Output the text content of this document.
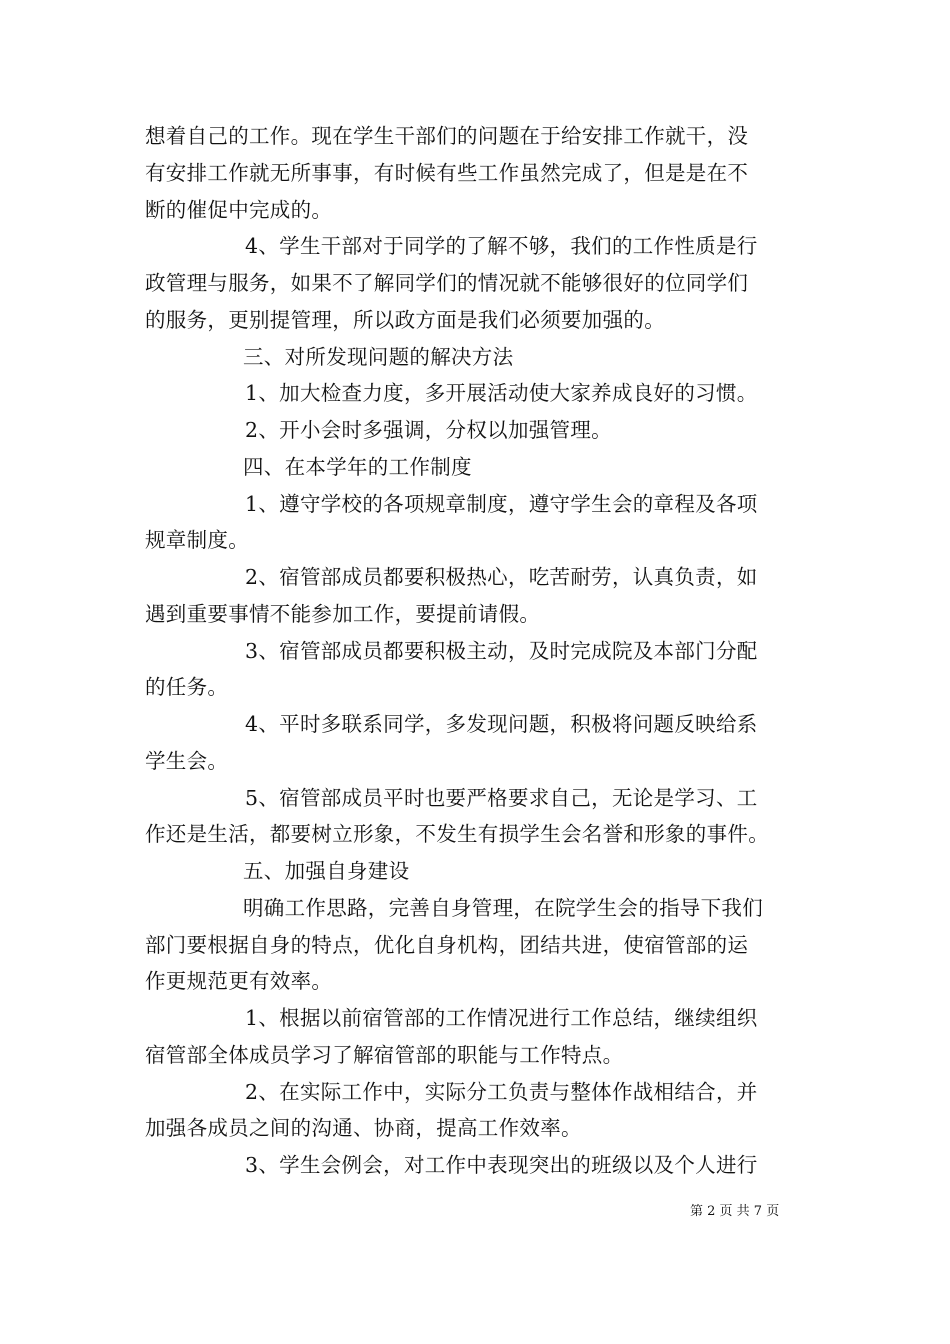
想着自己的工作。现在学生干部们的问题在于给安排工作就干，没
有安排工作就无所事事，有时候有些工作虽然完成了，但是是在不
断的催促中完成的。
4、学生干部对于同学的了解不够，我们的工作性质是行
政管理与服务，如果不了解同学们的情况就不能够很好的位同学们
的服务，更别提管理，所以政方面是我们必须要加强的。
三、对所发现问题的解决方法
1、加大检查力度，多开展活动使大家养成良好的习惯。
2、开小会时多强调，分权以加强管理。
四、在本学年的工作制度
1、遵守学校的各项规章制度，遵守学生会的章程及各项
规章制度。
2、宿管部成员都要积极热心，吃苦耐劳，认真负责，如
遇到重要事情不能参加工作，要提前请假。
3、宿管部成员都要积极主动，及时完成院及本部门分配
的任务。
4、平时多联系同学，多发现问题，积极将问题反映给系
学生会。
5、宿管部成员平时也要严格要求自己，无论是学习、工
作还是生活，都要树立形象，不发生有损学生会名誉和形象的事件。
五、加强自身建设
明确工作思路，完善自身管理，在院学生会的指导下我们
部门要根据自身的特点，优化自身机构，团结共进，使宿管部的运
作更规范更有效率。
1、根据以前宿管部的工作情况进行工作总结，继续组织
宿管部全体成员学习了解宿管部的职能与工作特点。
2、在实际工作中，实际分工负责与整体作战相结合，并
加强各成员之间的沟通、协商，提高工作效率。
3、学生会例会，对工作中表现突出的班级以及个人进行
第 2 页 共 7 页
